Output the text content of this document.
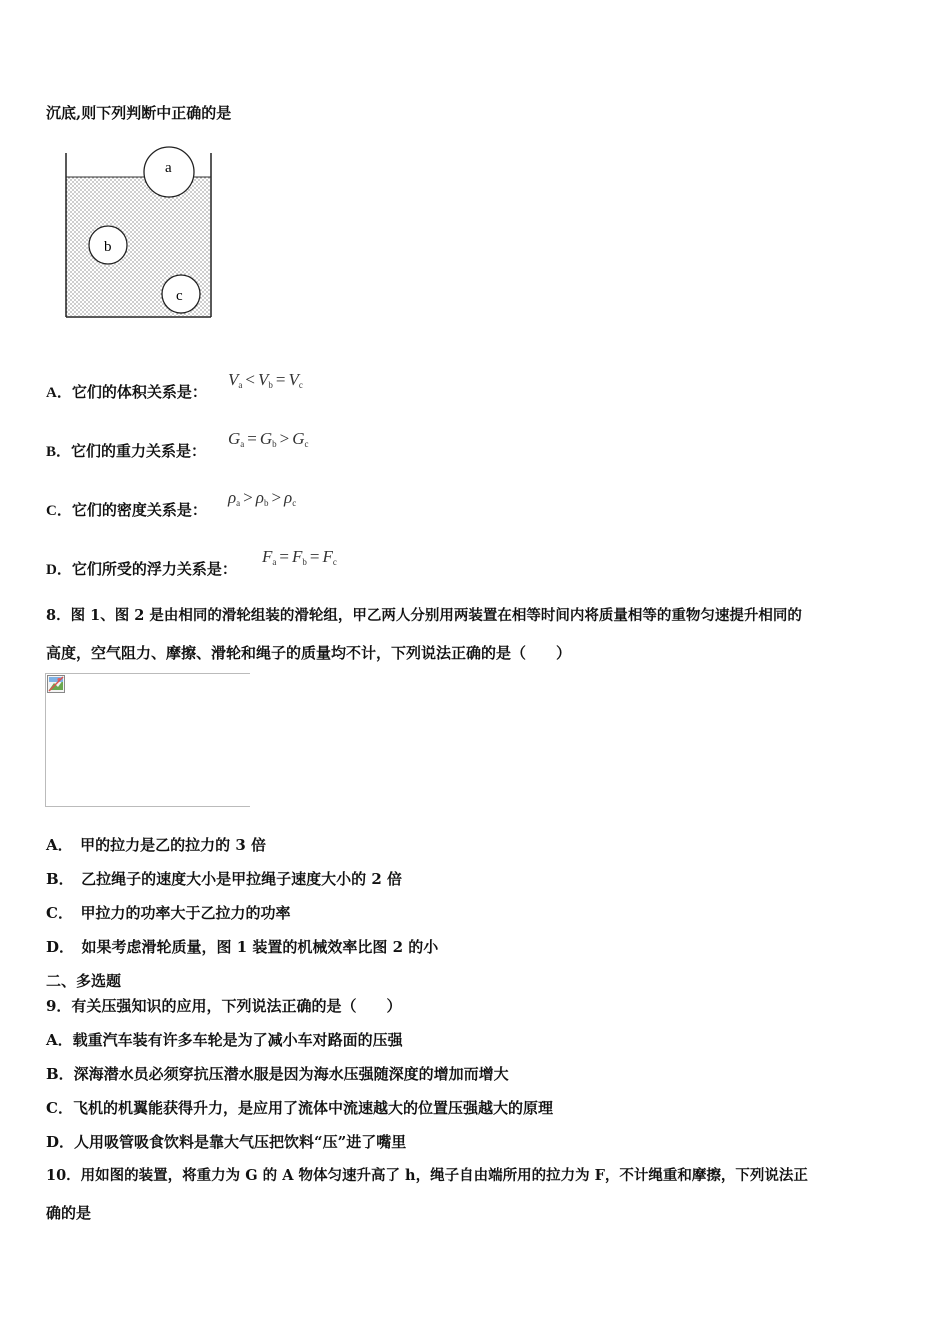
沉底,则下列判断中正确的是
a
b
c
A．它们的体积关系是：
$V_a < V_b = V_c$
B．它们的重力关系是：
$G_a = G_b > G_c$
C．它们的密度关系是：
$\rho_a > \rho_b > \rho_c$
D．它们所受的浮力关系是：
$F_a = F_b = F_c$
8．图 1、图 2 是由相同的滑轮组装的滑轮组，甲乙两人分别用两装置在相等时间内将质量相等的重物匀速提升相同的
高度，空气阻力、摩擦、滑轮和绳子的质量均不计，下列说法正确的是（　　）
A．　甲的拉力是乙的拉力的 3 倍
B．　乙拉绳子的速度大小是甲拉绳子速度大小的 2 倍
C．　甲拉力的功率大于乙拉力的功率
D．　如果考虑滑轮质量，图 1 装置的机械效率比图 2 的小
二、多选题
9．有关压强知识的应用，下列说法正确的是（　　）
A．载重汽车装有许多车轮是为了减小车对路面的压强
B．深海潜水员必须穿抗压潜水服是因为海水压强随深度的增加而增大
C．飞机的机翼能获得升力，是应用了流体中流速越大的位置压强越大的原理
D．人用吸管吸食饮料是靠大气压把饮料“压”进了嘴里
10．用如图的装置，将重力为 G 的 A 物体匀速升高了 h，绳子自由端所用的拉力为 F，不计绳重和摩擦，下列说法正
确的是
